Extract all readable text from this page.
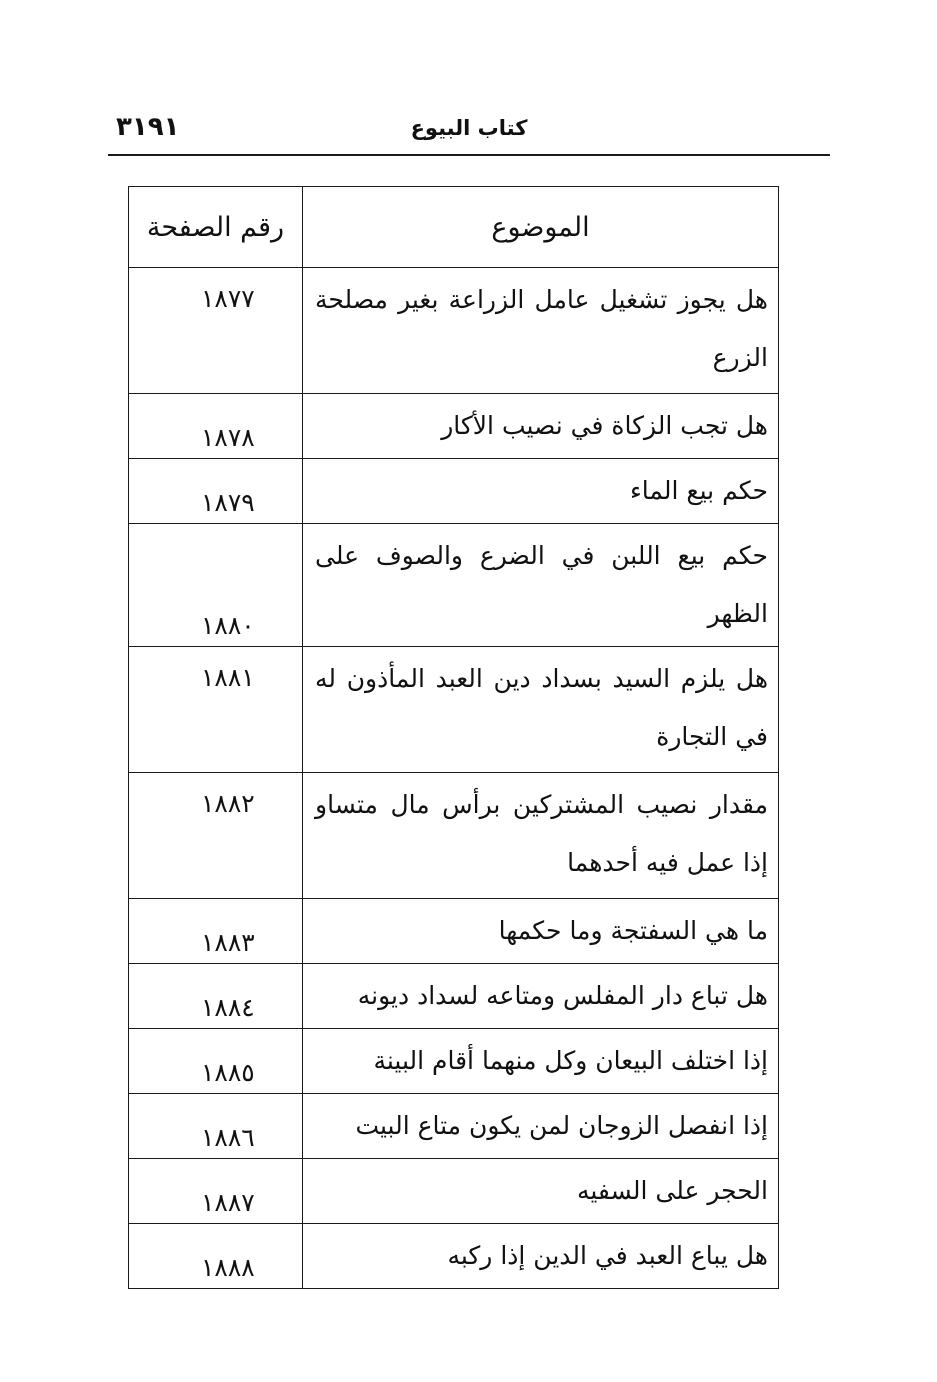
٣١٩١	كتاب البيوع
الموضوع	رقم الصفحة
هل يجوز تشغيل عامل الزراعة بغير مصلحة الزرع	١٨٧٧
هل تجب الزكاة في نصيب الأكار	١٨٧٨
حكم بيع الماء	١٨٧٩
حكم بيع اللبن في الضرع والصوف على الظهر	١٨٨٠
هل يلزم السيد بسداد دين العبد المأذون له في التجارة	١٨٨١
مقدار نصيب المشتركين برأس مال متساو إذا عمل فيه أحدهما	١٨٨٢
ما هي السفتجة وما حكمها	١٨٨٣
هل تباع دار المفلس ومتاعه لسداد ديونه	١٨٨٤
إذا اختلف البيعان وكل منهما أقام البينة	١٨٨٥
إذا انفصل الزوجان لمن يكون متاع البيت	١٨٨٦
الحجر على السفيه	١٨٨٧
هل يباع العبد في الدين إذا ركبه	١٨٨٨
